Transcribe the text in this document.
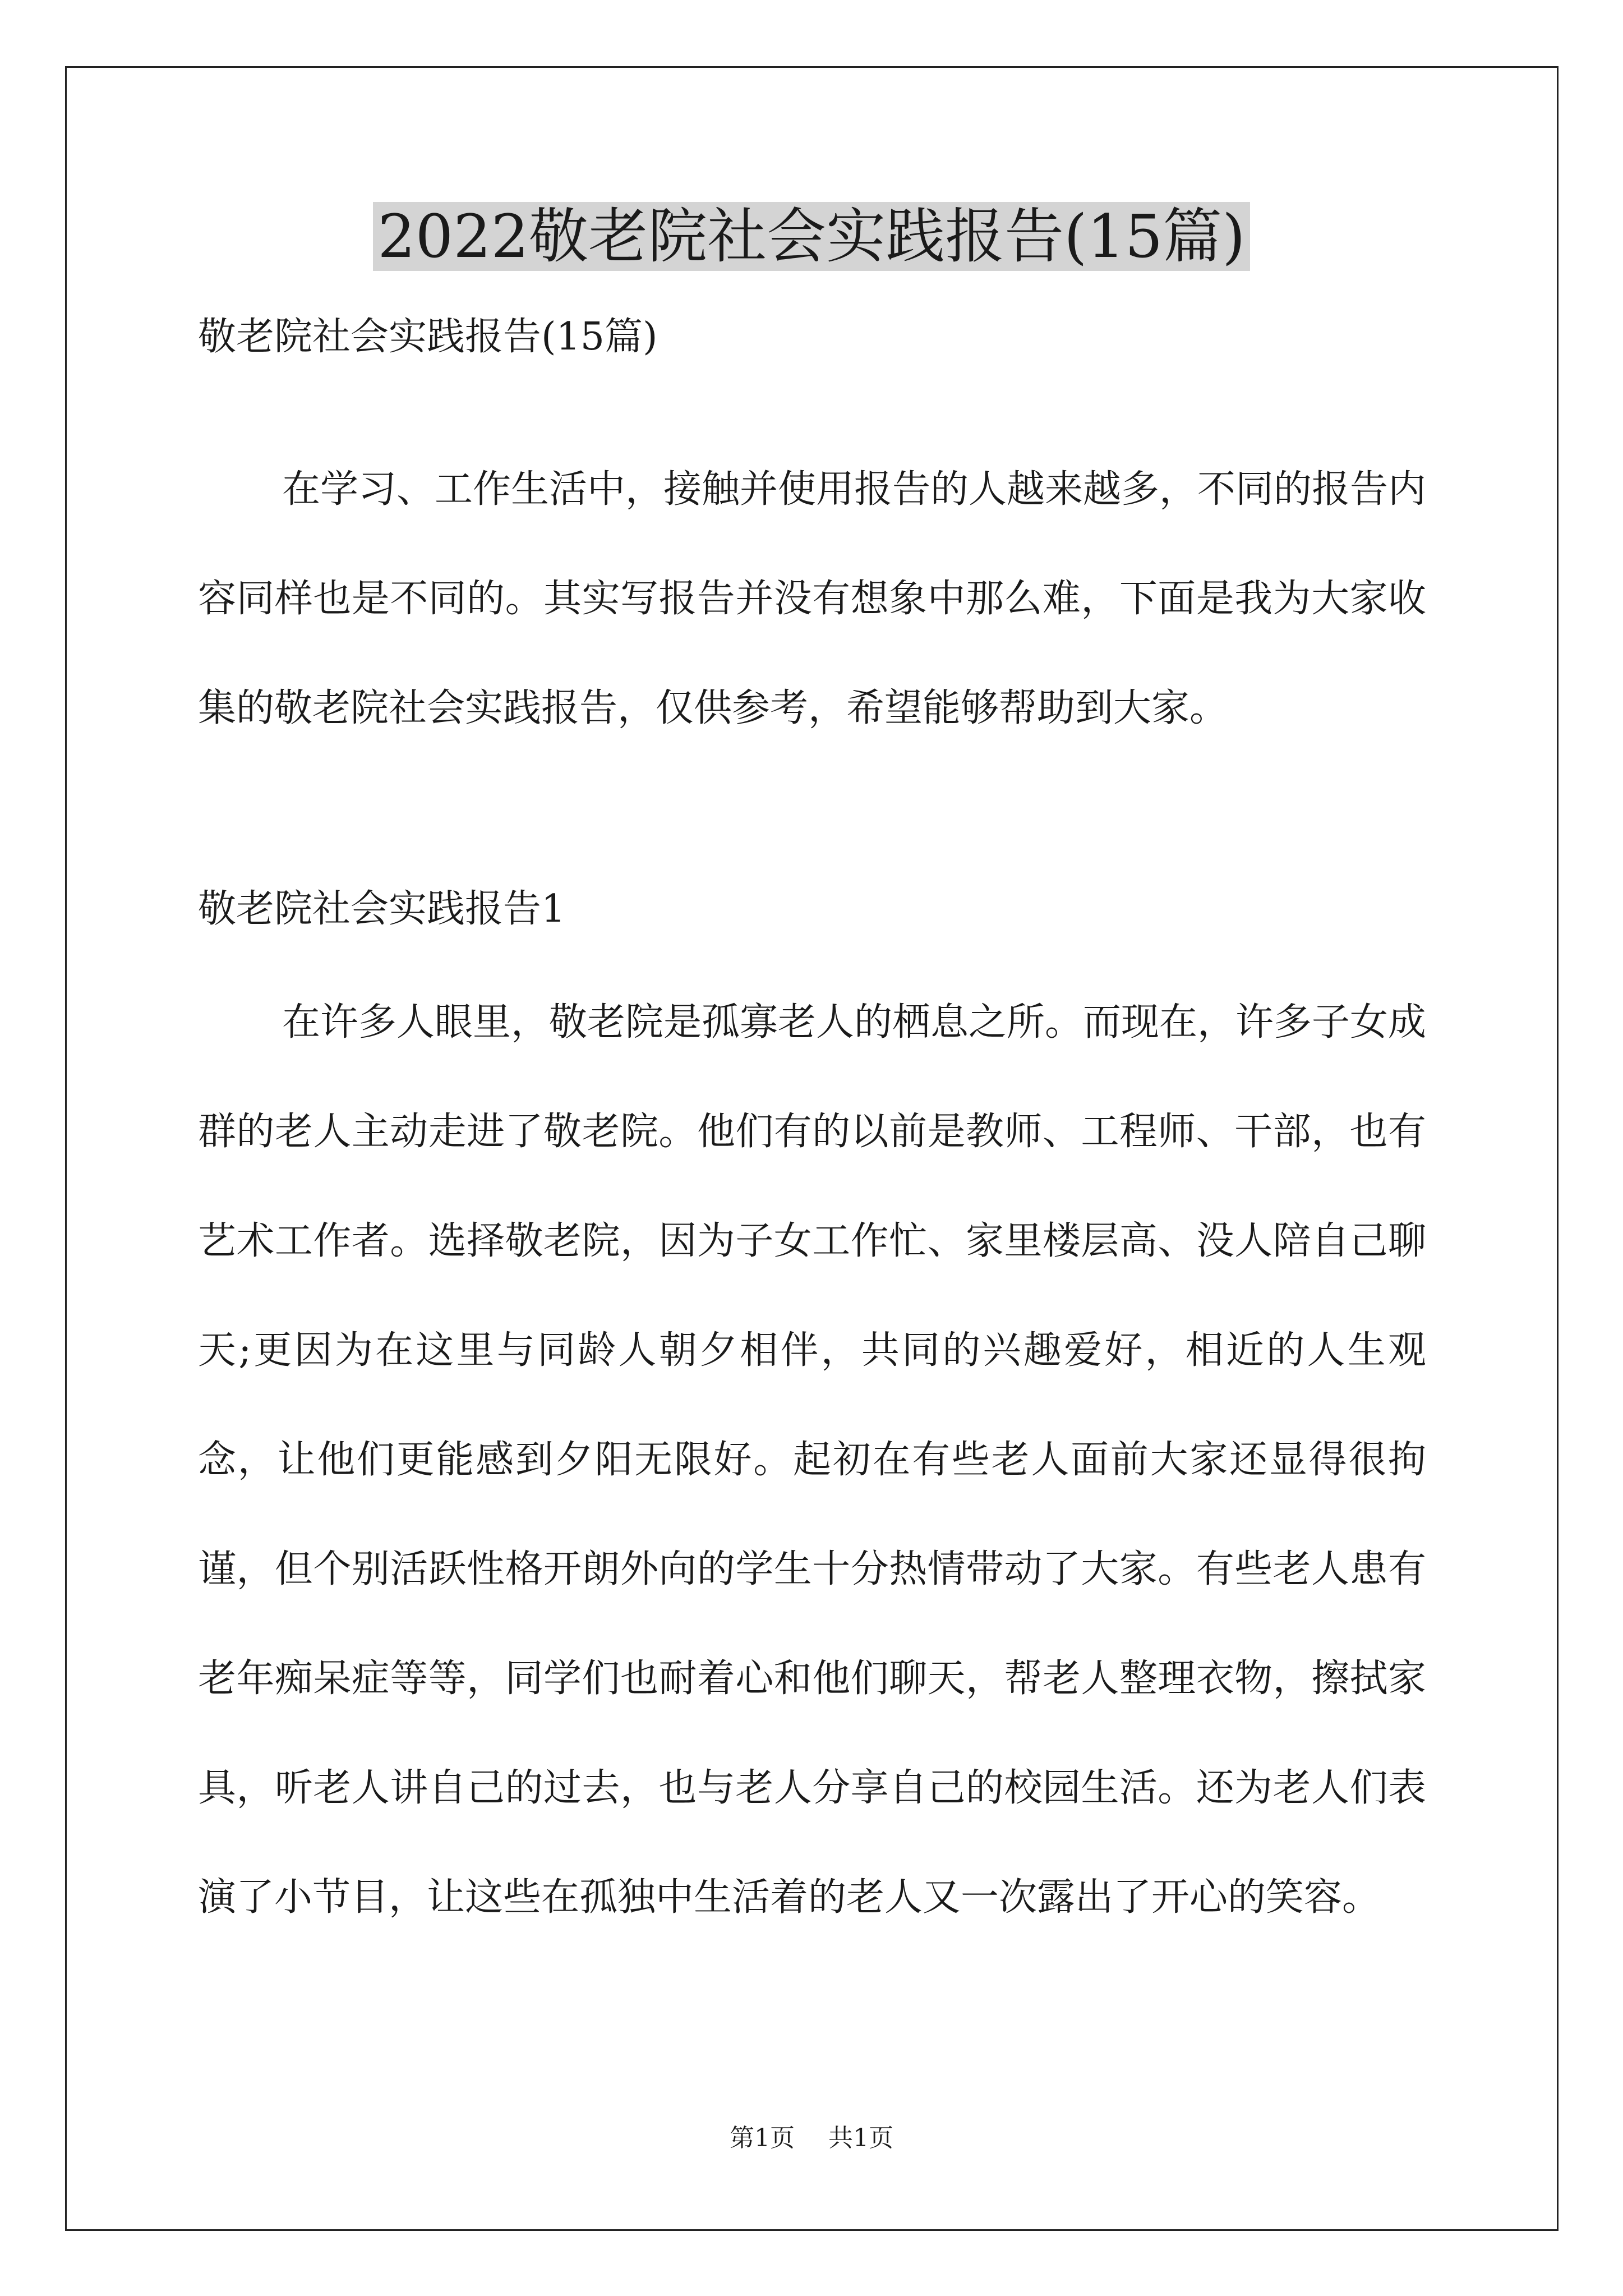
2022敬老院社会实践报告(15篇)
敬老院社会实践报告(15篇)

在学习、工作生活中，接触并使用报告的人越来越多，不同的报告内容同样也是不同的。其实写报告并没有想象中那么难，下面是我为大家收集的敬老院社会实践报告，仅供参考，希望能够帮助到大家。

敬老院社会实践报告1

在许多人眼里，敬老院是孤寡老人的栖息之所。而现在，许多子女成群的老人主动走进了敬老院。他们有的以前是教师、工程师、干部，也有艺术工作者。选择敬老院，因为子女工作忙、家里楼层高、没人陪自己聊天;更因为在这里与同龄人朝夕相伴，共同的兴趣爱好，相近的人生观念，让他们更能感到夕阳无限好。起初在有些老人面前大家还显得很拘谨，但个别活跃性格开朗外向的学生十分热情带动了大家。有些老人患有老年痴呆症等等，同学们也耐着心和他们聊天，帮老人整理衣物，擦拭家具，听老人讲自己的过去，也与老人分享自己的校园生活。还为老人们表演了小节目，让这些在孤独中生活着的老人又一次露出了开心的笑容。

第1页 共1页
